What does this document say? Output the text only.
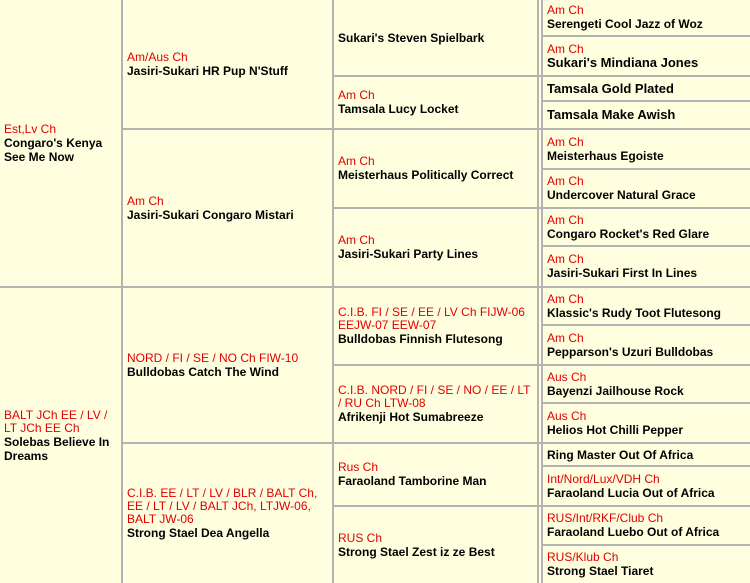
Est,Lv Ch
Congaro's Kenya See Me Now
BALT JCh EE / LV / LT JCh EE Ch
Solebas Believe In Dreams
Am/Aus Ch
Jasiri-Sukari HR Pup N'Stuff
Am Ch
Jasiri-Sukari Congaro Mistari
NORD / FI / SE / NO Ch FIW-10
Bulldobas Catch The Wind
C.I.B. EE / LT / LV / BLR / BALT Ch, EE / LT / LV / BALT JCh, LTJW-06, BALT JW-06
Strong Stael Dea Angella
Sukari's Steven Spielbark
Am Ch
Tamsala Lucy Locket
Am Ch
Meisterhaus Politically Correct
Am Ch
Jasiri-Sukari Party Lines
C.I.B. FI / SE / EE / LV Ch FIJW-06 EEJW-07 EEW-07
Bulldobas Finnish Flutesong
C.I.B. NORD / FI / SE / NO / EE / LT / RU Ch LTW-08
Afrikenji Hot Sumabreeze
Rus Ch
Faraoland Tamborine Man
RUS Ch
Strong Stael Zest iz ze Best
Am Ch
Serengeti Cool Jazz of Woz
Am Ch
Sukari's Mindiana Jones
Tamsala Gold Plated
Tamsala Make Awish
Am Ch
Meisterhaus Egoiste
Am Ch
Undercover Natural Grace
Am Ch
Congaro Rocket's Red Glare
Am Ch
Jasiri-Sukari First In Lines
Am Ch
Klassic's Rudy Toot Flutesong
Am Ch
Pepparson's Uzuri Bulldobas
Aus Ch
Bayenzi Jailhouse Rock
Aus Ch
Helios Hot Chilli Pepper
Ring Master Out Of Africa
Int/Nord/Lux/VDH Ch
Faraoland Lucia Out of Africa
RUS/Int/RKF/Club Ch
Faraoland Luebo Out of Africa
RUS/Klub Ch
Strong Stael Tiaret
